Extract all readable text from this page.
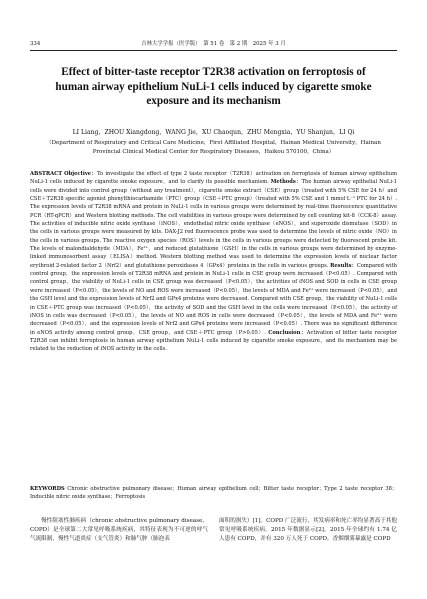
334	吉林大学学报（医学版）　第 51 卷　第 2 期　2025 年 3 月
Effect of bitter-taste receptor T2R38 activation on ferroptosis of human airway epithelium NuLi-1 cells induced by cigarette smoke exposure and its mechanism
LI Liang，ZHOU Xiangdong，WANG Jie，XU Chaoqun，ZHU Mengxia，YU Shanjun，LI Qi
（Department of Respiratory and Critical Care Medicine，First Affiliated Hospital，Hainan Medical University，Hainan Provincial Clinical Medical Center for Respiratory Diseases，Haikou 570100，China）
ABSTRACT Objective：To investigate the effect of type 2 taste receptor（T2R38）activation on ferroptosis of human airway epithelium NuLi-1 cells induced by cigarette smoke exposure，and to clarify its possible mechanism. Methods：The human airway epithelial NuLi-1 cells were divided into control group（without any treatment），cigarette smoke extract（CSE）group（treated with 5% CSE for 24 h）and CSE＋T2R38 specific agonist phenylthiocarbamide（PTC）group（CSE＋PTC group）（treated with 5% CSE and 1 mmol·L⁻¹ PTC for 24 h）. The expression levels of T2R38 mRNA and protein in NuLi-1 cells in various groups were determined by real-time fluorescence quantitative PCR（RT-qPCR）and Western blotting methods. The cell viabilities in various groups were determined by cell counting kit-8（CCK-8）assay. The activities of inducible nitric oxide synthase（iNOS），endothelial nitric oxide synthase（eNOS），and superoxide dismutase（SOD）in the cells in various groups were measured by kits. DAX-J2 red fluorescence probe was used to determine the levels of nitric oxide（NO）in the cells in various groups. The reactive oxygen species（ROS）levels in the cells in various groups were detected by fluorescent probe kit. The levels of malondialdehyde（MDA），Fe²⁺，and reduced glutathione（GSH）in the cells in various groups were determined by enzyme-linked immunosorbent assay（ELISA）method. Western blotting method was used to determine the expression levels of nuclear factor erythroid 2-related factor 2（Nrf2）and glutathione peroxidases 4（GPx4）proteins in the cells in various groups. Results：Compared with control group，the expression levels of T2R38 mRNA and protein in NuLi-1 cells in CSE group were increased（P<0.05）. Compared with control group，the viability of NuLi-1 cells in CSE group was decreased（P<0.05），the activities of iNOS and SOD in cells in CSE group were increased（P<0.05），the levels of NO and ROS were increased（P<0.05），the levels of MDA and Fe²⁺ were increased（P<0.05），and the GSH level and the expression levels of Nrf2 and GPx4 proteins were decreased. Compared with CSE group，the viability of NuLi-1 cells in CSE＋PTC group was increased（P<0.05），the activity of SOD and the GSH level in the cells were increased（P<0.05），the activity of iNOS in cells was decreased（P<0.05），the levels of NO and ROS in cells were decreased（P<0.05），the levels of MDA and Fe²⁺ were decreased（P<0.05），and the expression levels of Nrf2 and GPx4 proteins were increased（P<0.05）. There was no significant difference in eNOS activity among control group，CSE group，and CSE＋PTC group（P>0.05）. Conclusion：Activation of bitter taste receptor T2R38 can inhibit ferroptosis in human airway epithelium NuLi-1 cells induced by cigarette smoke exposure，and its mechanism may be related to the reduction of iNOS activity in the cells.
KEYWORDS Chronic obstructive pulmonary disease；Human airway epithelium cell；Bitter taste receptor；Type 2 taste receptor 38；Inducible nitric oxide synthase；Ferroptosis
慢性阻塞性肺疾病（chronic obstructive pulmonary disease，COPD）是全球第二大常见呼吸系统疾病，其特征表现为不可逆的呼气气流限制、慢性气道炎症（支气管炎）和肺气肿（肺泡表
面积的损失）[1]。COPD 广泛流行，其发病率和死亡率均显著高于其他常见呼吸系统疾病。2015 年数据显示[2]，2015 年全球约有 1.74 亿人患有 COPD，并有 320 万人死于 COPD。香烟烟雾暴露是 COPD
